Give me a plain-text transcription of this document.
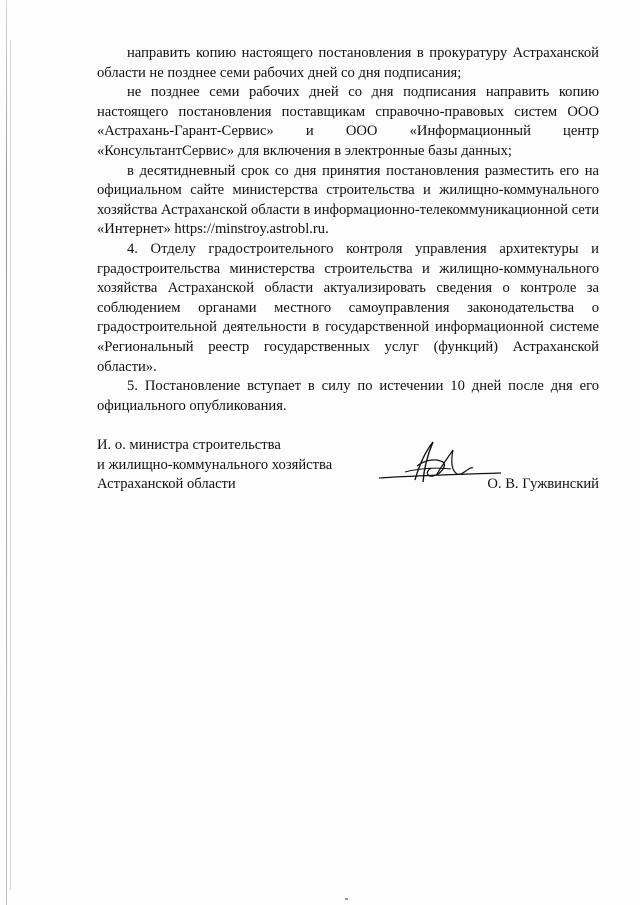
направить копию настоящего постановления в прокуратуру Астраханской области не позднее семи рабочих дней со дня подписания;

не позднее семи рабочих дней со дня подписания направить копию настоящего постановления поставщикам справочно-правовых систем ООО «Астрахань-Гарант-Сервис» и ООО «Информационный центр «КонсультантСервис» для включения в электронные базы данных;

в десятидневный срок со дня принятия постановления разместить его на официальном сайте министерства строительства и жилищно-коммунального хозяйства Астраханской области в информационно-телекоммуникационной сети «Интернет» https://minstroy.astrobl.ru.

4. Отделу градостроительного контроля управления архитектуры и градостроительства министерства строительства и жилищно-коммунального хозяйства Астраханской области актуализировать сведения о контроле за соблюдением органами местного самоуправления законодательства о градостроительной деятельности в государственной информационной системе «Региональный реестр государственных услуг (функций) Астраханской области».

5. Постановление вступает в силу по истечении 10 дней после дня его официального опубликования.

И. о. министра строительства
и жилищно-коммунального хозяйства
Астраханской области	О. В. Гужвинский
